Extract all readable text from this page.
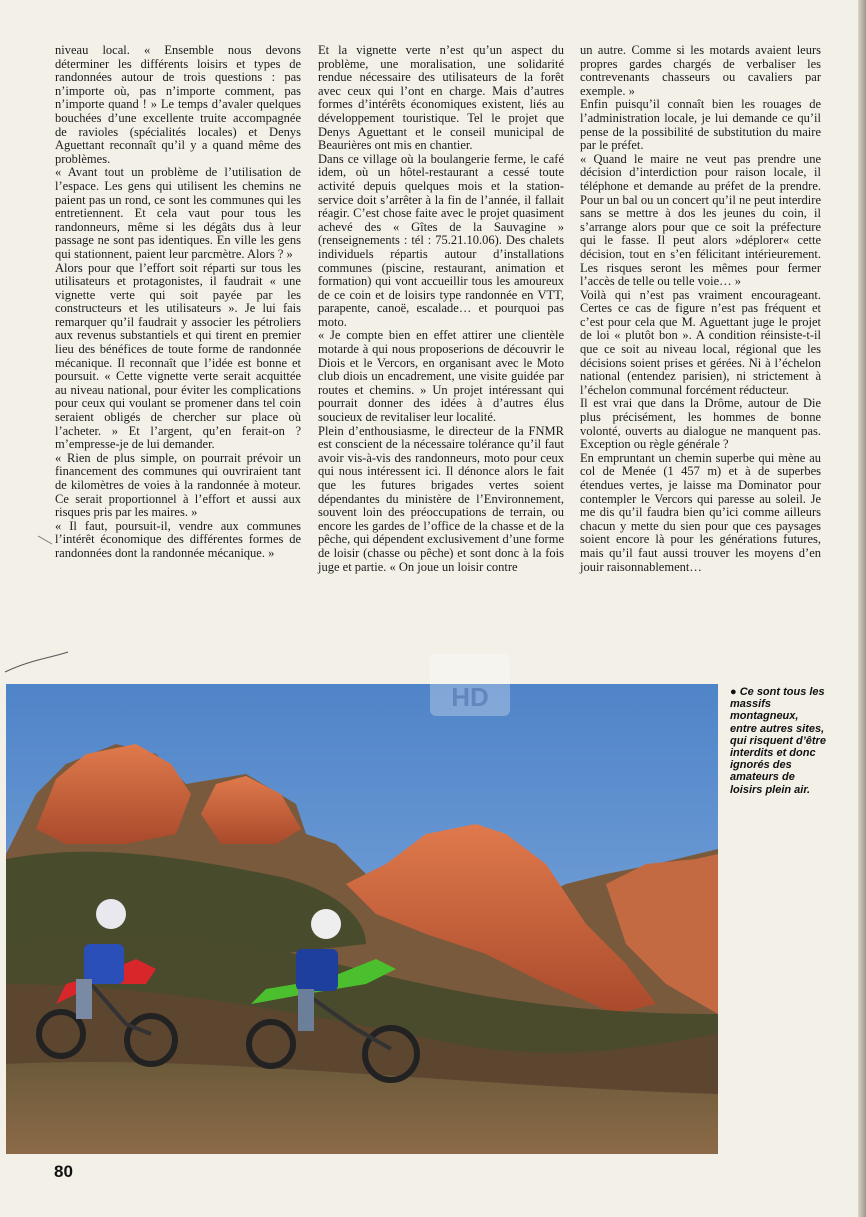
niveau local. « Ensemble nous devons déterminer les différents loisirs et types de randonnées autour de trois questions : pas n’importe où, pas n’importe comment, pas n’importe quand ! » Le temps d’avaler quelques bouchées d’une excellente truite accompagnée de ravioles (spécialités locales) et Denys Aguettant reconnaît qu’il y a quand même des problèmes.

« Avant tout un problème de l’utilisation de l’espace. Les gens qui utilisent les chemins ne paient pas un rond, ce sont les communes qui les entretiennent. Et cela vaut pour tous les randonneurs, même si les dégâts dus à leur passage ne sont pas identiques. En ville les gens qui stationnent, paient leur parcmètre. Alors ? »

Alors pour que l’effort soit réparti sur tous les utilisateurs et protagonistes, il faudrait « une vignette verte qui soit payée par les constructeurs et les utilisateurs ». Je lui fais remarquer qu’il faudrait y associer les pétroliers aux revenus substantiels et qui tirent en premier lieu des bénéfices de toute forme de randonnée mécanique. Il reconnaît que l’idée est bonne et poursuit. « Cette vignette verte serait acquittée au niveau national, pour éviter les complications pour ceux qui voulant se promener dans tel coin seraient obligés de chercher sur place où l’acheter. » Et l’argent, qu’en ferait-on ? m’empresse-je de lui demander.

« Rien de plus simple, on pourrait prévoir un financement des communes qui ouvriraient tant de kilomètres de voies à la randonnée à moteur. Ce serait proportionnel à l’effort et aussi aux risques pris par les maires. »

« Il faut, poursuit-il, vendre aux communes l’intérêt économique des différentes formes de randonnées dont la randonnée mécanique. »

Et la vignette verte n’est qu’un aspect du problème, une moralisation, une solidarité rendue nécessaire des utilisateurs de la forêt avec ceux qui l’ont en charge. Mais d’autres formes d’intérêts économiques existent, liés au développement touristique. Tel le projet que Denys Aguettant et le conseil municipal de Beaurières ont mis en chantier.

Dans ce village où la boulangerie ferme, le café idem, où un hôtel-restaurant a cessé toute activité depuis quelques mois et la station-service doit s’arrêter à la fin de l’année, il fallait réagir. C’est chose faite avec le projet quasiment achevé des « Gîtes de la Sauvagine » (renseignements : tél : 75.21.10.06). Des chalets individuels répartis autour d’installations communes (piscine, restaurant, animation et formation) qui vont accueillir tous les amoureux de ce coin et de loisirs type randonnée en VTT, parapente, canoë, escalade… et pourquoi pas moto.

« Je compte bien en effet attirer une clientèle motarde à qui nous proposerions de découvrir le Diois et le Vercors, en organisant avec le Moto club diois un encadrement, une visite guidée par routes et chemins. » Un projet intéressant qui pourrait donner des idées à d’autres élus soucieux de revitaliser leur localité.

Plein d’enthousiasme, le directeur de la FNMR est conscient de la nécessaire tolérance qu’il faut avoir vis-à-vis des randonneurs, moto pour ceux qui nous intéressent ici. Il dénonce alors le fait que les futures brigades vertes soient dépendantes du ministère de l’Environnement, souvent loin des préoccupations de terrain, ou encore les gardes de l’office de la chasse et de la pêche, qui dépendent exclusivement d’une forme de loisir (chasse ou pêche) et sont donc à la fois juge et partie. « On joue un loisir contre

un autre. Comme si les motards avaient leurs propres gardes chargés de verbaliser les contrevenants chasseurs ou cavaliers par exemple. »

Enfin puisqu’il connaît bien les rouages de l’administration locale, je lui demande ce qu’il pense de la possibilité de substitution du maire par le préfet.

« Quand le maire ne veut pas prendre une décision d’interdiction pour raison locale, il téléphone et demande au préfet de la prendre. Pour un bal ou un concert qu’il ne peut interdire sans se mettre à dos les jeunes du coin, il s’arrange alors pour que ce soit la préfecture qui le fasse. Il peut alors »déplorer« cette décision, tout en s’en félicitant intérieurement. Les risques seront les mêmes pour fermer l’accès de telle ou telle voie… »

Voilà qui n’est pas vraiment encourageant. Certes ce cas de figure n’est pas fréquent et c’est pour cela que M. Aguettant juge le projet de loi « plutôt bon ». A condition réinsiste-t-il que ce soit au niveau local, régional que les décisions soient prises et gérées. Ni à l’échelon national (entendez parisien), ni strictement à l’échelon communal forcément réducteur.

Il est vrai que dans la Drôme, autour de Die plus précisément, les hommes de bonne volonté, ouverts au dialogue ne manquent pas. Exception ou règle générale ?

En empruntant un chemin superbe qui mène au col de Menée (1 457 m) et à de superbes étendues vertes, je laisse ma Dominator pour contempler le Vercors qui paresse au soleil. Je me dis qu’il faudra bien qu’ici comme ailleurs chacun y mette du sien pour que ces paysages soient encore là pour les générations futures, mais qu’il faut aussi trouver les moyens d’en jouir raisonnablement…

HD	● Ce sont tous les massifs montagneux, entre autres sites, qui risquent d’être interdits et donc ignorés des amateurs de loisirs plein air.
80
